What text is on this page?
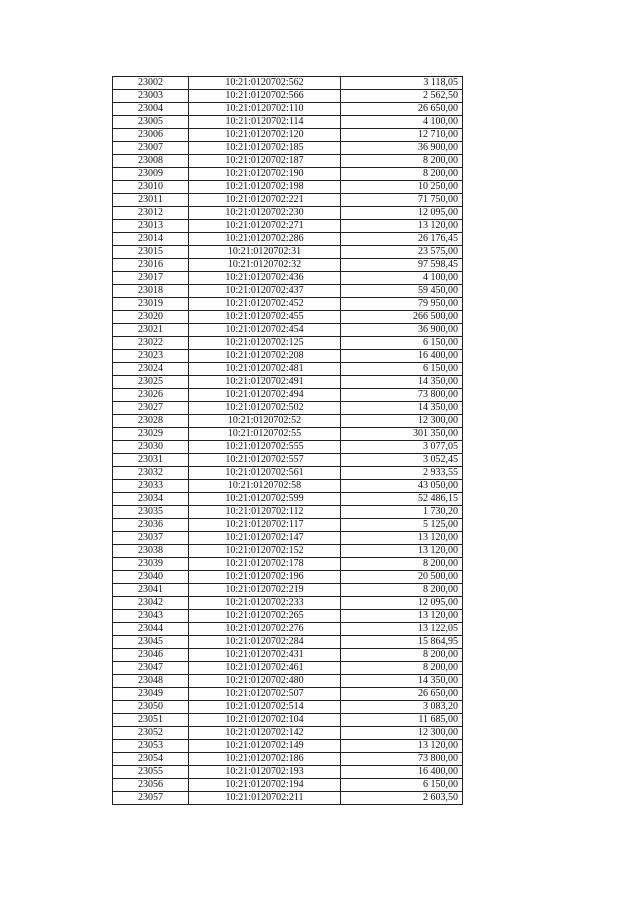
23002	10:21:0120702:562	3 118,05
23003	10:21:0120702:566	2 562,50
23004	10:21:0120702:110	26 650,00
23005	10:21:0120702:114	4 100,00
23006	10:21:0120702:120	12 710,00
23007	10:21:0120702:185	36 900,00
23008	10:21:0120702:187	8 200,00
23009	10:21:0120702:190	8 200,00
23010	10:21:0120702:198	10 250,00
23011	10:21:0120702:221	71 750,00
23012	10:21:0120702:230	12 095,00
23013	10:21:0120702:271	13 120,00
23014	10:21:0120702:286	26 176,45
23015	10:21:0120702:31	23 575,00
23016	10:21:0120702:32	97 598,45
23017	10:21:0120702:436	4 100,00
23018	10:21:0120702:437	59 450,00
23019	10:21:0120702:452	79 950,00
23020	10:21:0120702:455	266 500,00
23021	10:21:0120702:454	36 900,00
23022	10:21:0120702:125	6 150,00
23023	10:21:0120702:208	16 400,00
23024	10:21:0120702:481	6 150,00
23025	10:21:0120702:491	14 350,00
23026	10:21:0120702:494	73 800,00
23027	10:21:0120702:502	14 350,00
23028	10:21:0120702:52	12 300,00
23029	10:21:0120702:55	301 350,00
23030	10:21:0120702:555	3 077,05
23031	10:21:0120702:557	3 052,45
23032	10:21:0120702:561	2 933,55
23033	10:21:0120702:58	43 050,00
23034	10:21:0120702:599	52 486,15
23035	10:21:0120702:112	1 730,20
23036	10:21:0120702:117	5 125,00
23037	10:21:0120702:147	13 120,00
23038	10:21:0120702:152	13 120,00
23039	10:21:0120702:178	8 200,00
23040	10:21:0120702:196	20 500,00
23041	10:21:0120702:219	8 200,00
23042	10:21:0120702:233	12 095,00
23043	10:21:0120702:265	13 120,00
23044	10:21:0120702:276	13 122,05
23045	10:21:0120702:284	15 864,95
23046	10:21:0120702:431	8 200,00
23047	10:21:0120702:461	8 200,00
23048	10:21:0120702:480	14 350,00
23049	10:21:0120702:507	26 650,00
23050	10:21:0120702:514	3 083,20
23051	10:21:0120702:104	11 685,00
23052	10:21:0120702:142	12 300,00
23053	10:21:0120702:149	13 120,00
23054	10:21:0120702:186	73 800,00
23055	10:21:0120702:193	16 400,00
23056	10:21:0120702:194	6 150,00
23057	10:21:0120702:211	2 603,50
